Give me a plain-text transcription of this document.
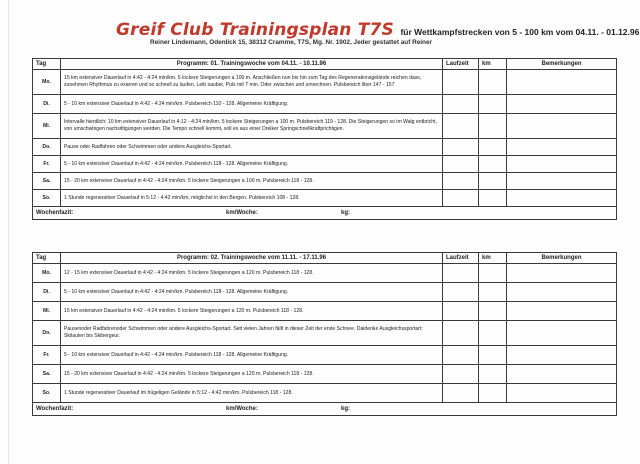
Greif Club Trainingsplan T7S für Wettkampfstrecken von 5 - 100 km vom 04.11. - 01.12.96
Reiner Lindemann, Odenlick 15, 38312 Cramme, T7S, Mg. Nr. 1902, Jeder gestattet auf Reiner
Tag	Programm: 01. Trainingswoche vom 04.11. - 10.11.96	Laufzeit	km	Bemerkungen
Mo.	15 km extensiver Dauerlauf in 4:42 - 4:24 min/km. 5 lockere Steigerungen a 100 m. Anschließen nun bis hin zum Tag des Regenerationsgelände reichen dass, zunehmen Rhythmus zu exarren und so schnell zu laufen. Leib sauber, Puls mit 7 min. Oder zwischen und umrechnen. Pulsbereich liber 147 - 157			
Di.	5 - 10 km extensiver Dauerlauf in 4:42 - 4:24 min/km. Pulsbereich 110 - 128. Allgemeine Kräftigung.			
Mi.	Intervalle hierdlich: 10 km extensiver Dauerlauf in 4:12 - 4:24 min/km. 5 lockere Steigerungen a 100 m. Pulsbereich 119 - 128. Die Steigerungen so im Walg entbricht, von umschwingen nachsittigungen werden. Die Tempo schnell kommt, soll es aus einer Dreiker Springschnellkraftprichtigen.			
Do.	Pause oder Radfahren oder Schwimmen oder andere Ausgleichs-Sportart.			
Fr.	5 - 10 km extensiver Dauerlauf in 4:42 - 4:24 min/km. Pulsbereich 118 - 128. Allgemeine Kräftigung.			
Sa.	15 - 20 km extensiver Dauerlauf in 4:42 - 4:24 min/km. 5 lockere Steigerungen a 100 m. Pulsbereich 118 - 128.			
So.	1 Stunde regenerativer Dauerlauf in 5:12 - 4:42 min/km, möglichst in den Bergen. Pulsbereich 108 - 128.			

Wochenfazit: km/Woche: kg:				
Tag	Programm: 02. Trainingswoche vom 11.11. - 17.11.96	Laufzeit	km	Bemerkungen
Mo.	12 - 15 km extensiver Dauerlauf in 4:42 - 4:24 min/km. 5 lockere Steigerungen a 120 m. Pulsbereich 118 - 128.			
Di.	5 - 10 km extensiver Dauerlauf in 4:42 - 4:24 min/km. Pulsbereich 118 - 128. Allgemeine Kräftigung.			
Mi.	15 km extensiver Dauerlauf in 4:42 - 4:24 min/km. 5 lockere Steigerungen a 120 m. Pulsbereich 118 - 128.			
Do.	Pausenoder Radfahrenoder Schwimmen oder andere Ausgleichs-Sportart. Seit vielen Jahren fällt in dieser Zeit der erste Schnee. Daidenke Ausgleichssportart: Skilauten bis Skibergeur.			
Fr.	5 - 10 km extensiver Dauerlauf in 4:42 - 4:24 min/km. Pulsbereich 118 - 128. Allgemeine Kräftigung.			
Sa.	15 - 20 km extensiver Dauerlauf in 4:42 - 4:24 min/km. 5 lockere Steigerungen a 120 m. Pulsbereich 118 - 128.			
So.	1 Stunde regenerativer Dauerlauf im hügeligen Gelände in 5:12 - 4:42 min/km. Pulsbereich 118 - 128.			

Wochenfazit: km/Woche: kg:				
